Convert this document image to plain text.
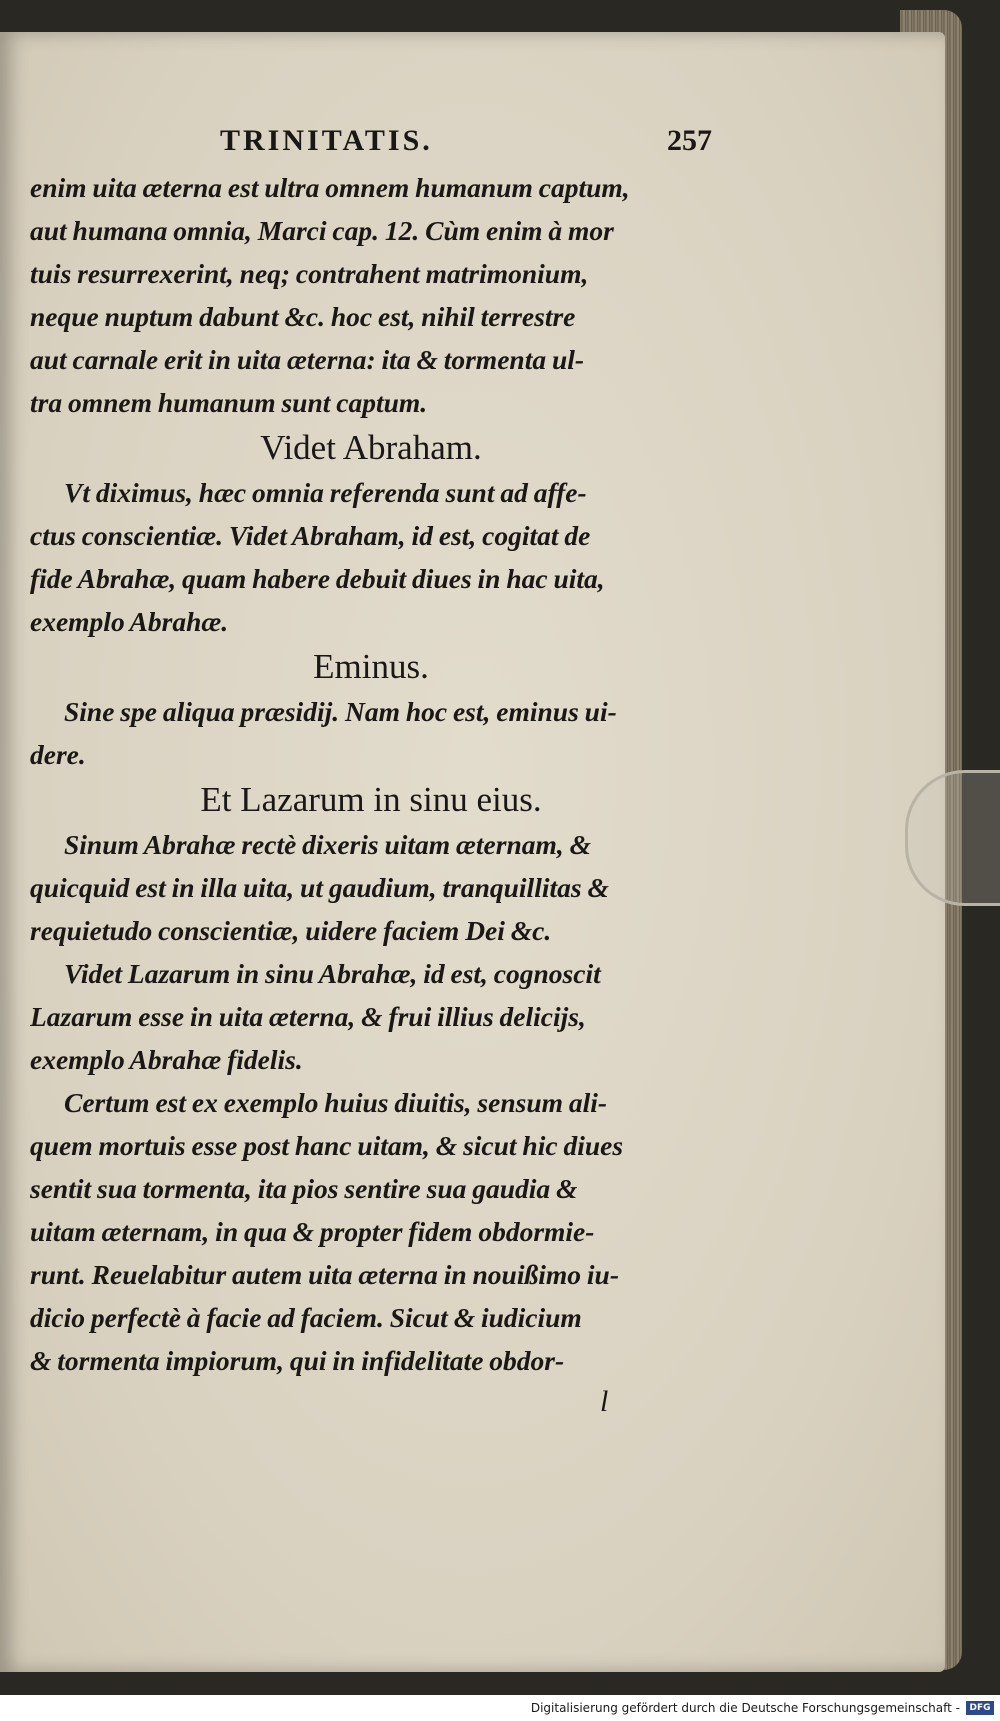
TRINITATIS.	257
enim uita æterna est ultra omnem humanum captum,
aut humana omnia, Marci cap. 12. Cùm enim à mor
tuis resurrexerint, neq; contrahent matrimonium,
neque nuptum dabunt &c. hoc est, nihil terrestre
aut carnale erit in uita æterna: ita & tormenta ul-
tra omnem humanum sunt captum.
Videt Abraham.
Vt diximus, hæc omnia referenda sunt ad affe-
ctus conscientiæ. Videt Abraham, id est, cogitat de
fide Abrahæ, quam habere debuit diues in hac uita,
exemplo Abrahæ.
Eminus.
Sine spe aliqua præsidij. Nam hoc est, eminus ui-
dere.
Et Lazarum in sinu eius.
Sinum Abrahæ rectè dixeris uitam æternam, &
quicquid est in illa uita, ut gaudium, tranquillitas &
requietudo conscientiæ, uidere faciem Dei &c.
Videt Lazarum in sinu Abrahæ, id est, cognoscit
Lazarum esse in uita æterna, & frui illius delicijs,
exemplo Abrahæ fidelis.
Certum est ex exemplo huius diuitis, sensum ali-
quem mortuis esse post hanc uitam, & sicut hic diues
sentit sua tormenta, ita pios sentire sua gaudia &
uitam æternam, in qua & propter fidem obdormie-
runt. Reuelabitur autem uita æterna in nouißimo iu-
dicio perfectè à facie ad faciem. Sicut & iudicium
& tormenta impiorum, qui in infidelitate obdor-
l
Digitalisierung gefördert durch die Deutsche Forschungsgemeinschaft -	DFG
